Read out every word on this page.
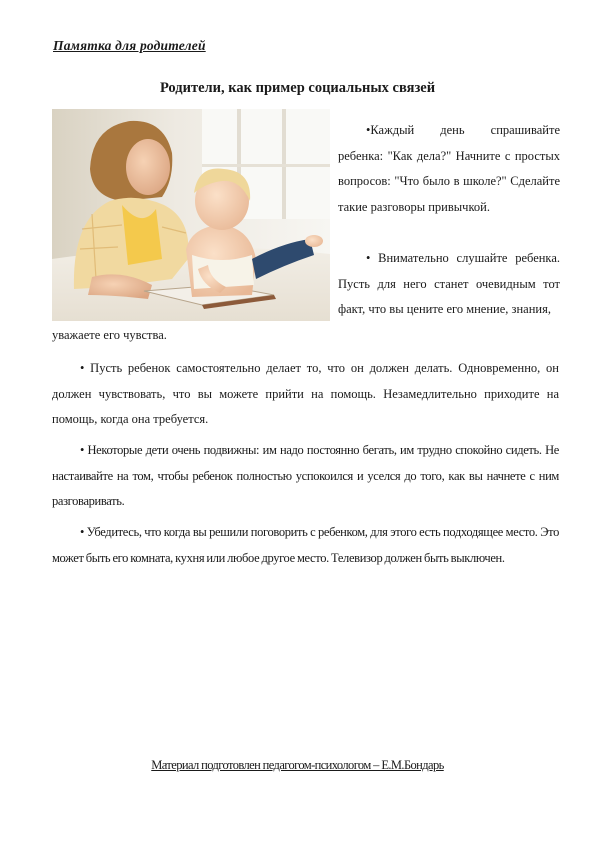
Памятка для родителей
Родители, как пример социальных связей
•Каждый день спрашивайте ребенка: "Как дела?" Начните с простых вопросов: "Что было в школе?" Сделайте такие разговоры привычкой.
• Внимательно слушайте ребенка. Пусть для него станет очевидным тот факт, что вы цените его мнение, знания,
уважаете его чувства.
• Пусть ребенок самостоятельно делает то, что он должен делать. Одновременно, он должен чувствовать, что вы можете прийти на помощь. Незамедлительно приходите на помощь, когда она требуется.
• Некоторые дети очень подвижны: им надо постоянно бегать, им трудно спокойно сидеть. Не настаивайте на том, чтобы ребенок полностью успокоился и уселся до того, как вы начнете с ним разговаривать.
• Убедитесь, что когда вы решили поговорить с ребенком, для этого есть подходящее место. Это может быть его комната, кухня или любое другое место. Телевизор должен быть выключен.
Материал подготовлен педагогом-психологом – Е.М.Бондарь
